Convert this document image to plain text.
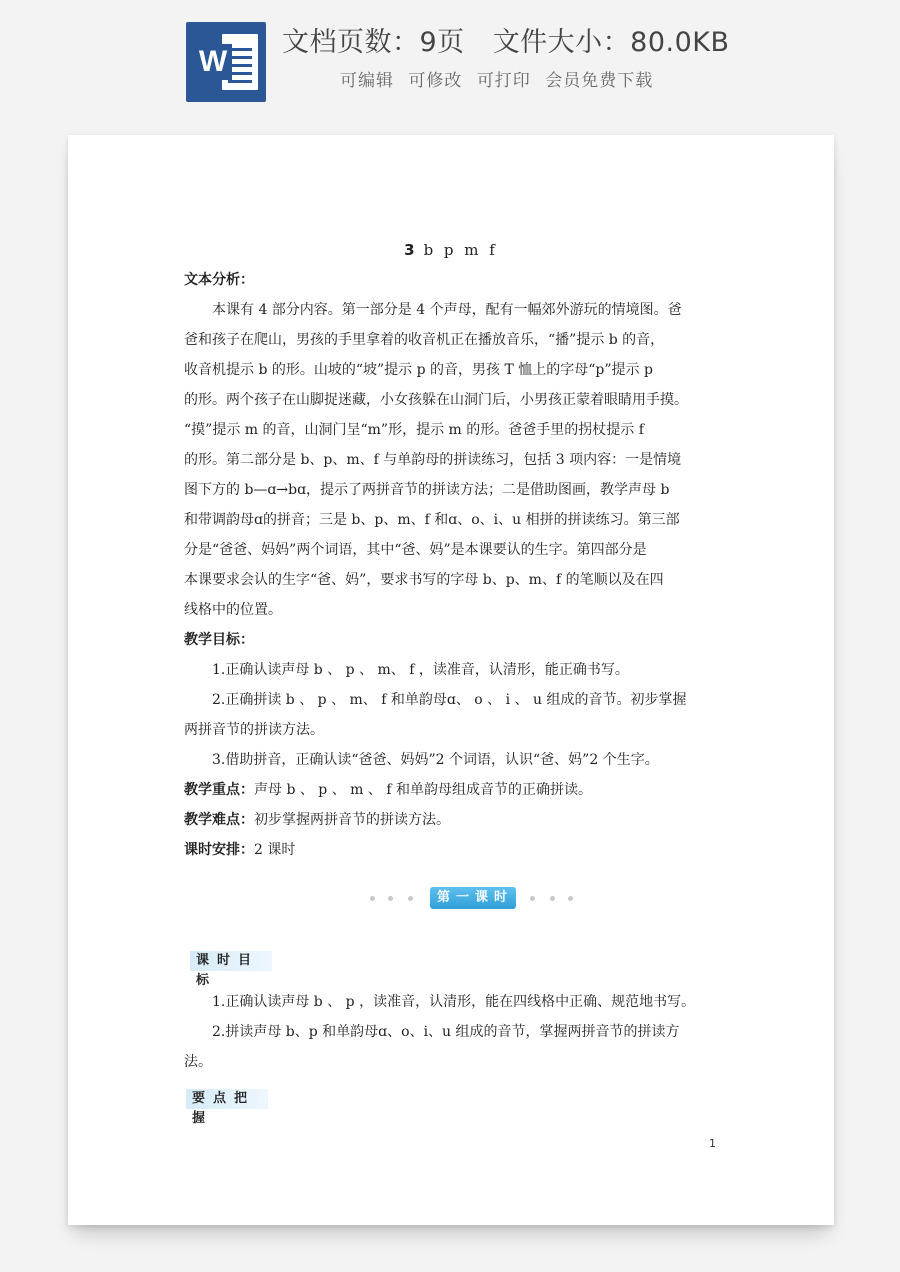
W
文档页数：9页 文件大小：80.0KB
可编辑 可修改 可打印 会员免费下载
3 b p m f
文本分析：
本课有 4 部分内容。第一部分是 4 个声母，配有一幅郊外游玩的情境图。爸
爸和孩子在爬山，男孩的手里拿着的收音机正在播放音乐，“播”提示 b 的音，
收音机提示 b 的形。山坡的“坡”提示 p 的音，男孩 T 恤上的字母“p”提示 p
的形。两个孩子在山脚捉迷藏，小女孩躲在山洞门后，小男孩正蒙着眼睛用手摸。
“摸”提示 m 的音，山洞门呈“m”形，提示 m 的形。爸爸手里的拐杖提示 f
的形。第二部分是 b、p、m、f 与单韵母的拼读练习，包括 3 项内容：一是情境
图下方的 b—ɑ→bɑ，提示了两拼音节的拼读方法；二是借助图画，教学声母 b
和带调韵母ɑ的拼音；三是 b、p、m、f 和ɑ、o、i、u 相拼的拼读练习。第三部
分是“爸爸、妈妈”两个词语，其中“爸、妈”是本课要认的生字。第四部分是
本课要求会认的生字“爸、妈”，要求书写的字母 b、p、m、f 的笔顺以及在四
线格中的位置。
教学目标：
1.正确认读声母 b 、 p 、 m、 f ，读准音，认清形，能正确书写。
2.正确拼读 b 、 p 、 m、 f 和单韵母ɑ、 o 、 i 、 u 组成的音节。初步掌握
两拼音节的拼读方法。
3.借助拼音，正确认读“爸爸、妈妈”2 个词语，认识“爸、妈”2 个生字。
教学重点：声母 b 、 p 、 m 、 f 和单韵母组成音节的正确拼读。
教学难点：初步掌握两拼音节的拼读方法。
课时安排：2 课时
第一课时
课时目标
1.正确认读声母 b 、 p ，读准音，认清形，能在四线格中正确、规范地书写。
2.拼读声母 b、p 和单韵母ɑ、o、i、u 组成的音节，掌握两拼音节的拼读方
法。
要点把握
1
